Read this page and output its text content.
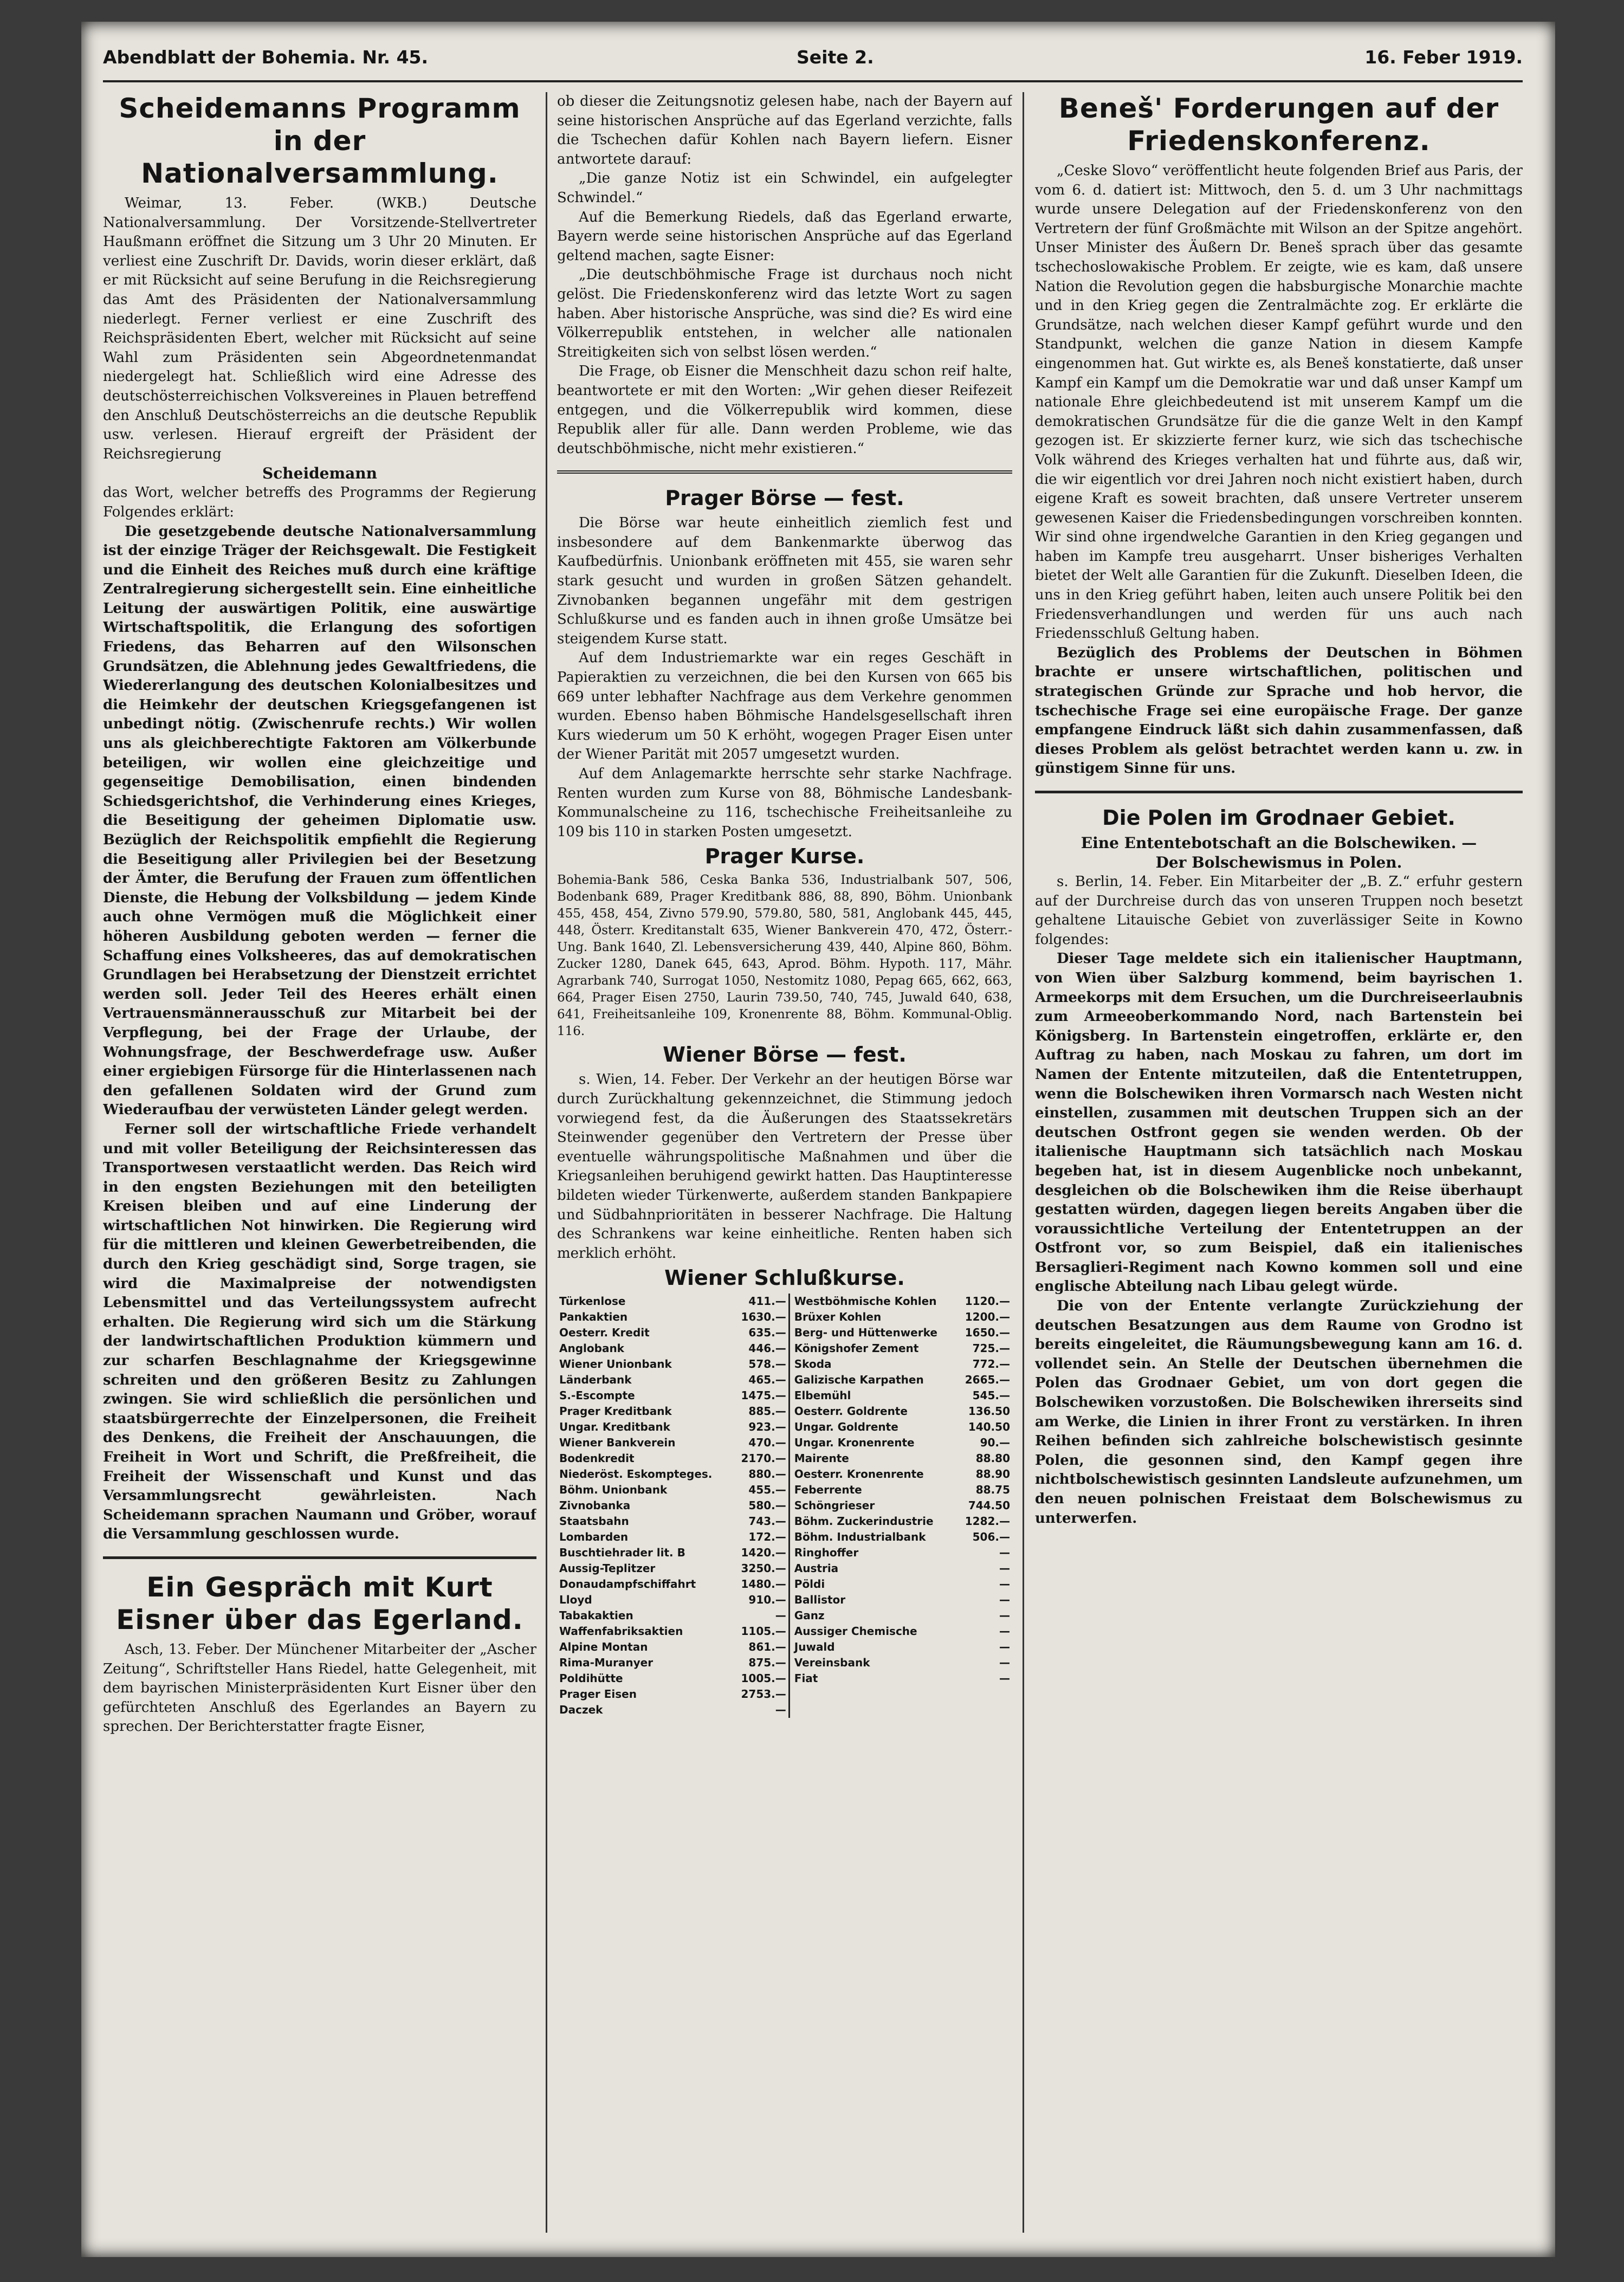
Abendblatt der Bohemia. Nr. 45.	Seite 2.	16. Feber 1919.
Scheidemanns Programm in der Nationalversammlung.

Weimar, 13. Feber. (WKB.) Deutsche Nationalversammlung. Der Vorsitzende-Stellvertreter Haußmann eröffnet die Sitzung um 3 Uhr 20 Minuten. Er verliest eine Zuschrift Dr. Davids, worin dieser erklärt, daß er mit Rücksicht auf seine Berufung in die Reichsregierung das Amt des Präsidenten der Nationalversammlung niederlegt. Ferner verliest er eine Zuschrift des Reichspräsidenten Ebert, welcher mit Rücksicht auf seine Wahl zum Präsidenten sein Abgeordnetenmandat niedergelegt hat. Schließlich wird eine Adresse des deutschösterreichischen Volksvereines in Plauen betreffend den Anschluß Deutschösterreichs an die deutsche Republik usw. verlesen. Hierauf ergreift der Präsident der Reichsregierung

Scheidemann

das Wort, welcher betreffs des Programms der Regierung Folgendes erklärt:

Die gesetzgebende deutsche Nationalversammlung ist der einzige Träger der Reichsgewalt. Die Festigkeit und die Einheit des Reiches muß durch eine kräftige Zentralregierung sichergestellt sein. Eine einheitliche Leitung der auswärtigen Politik, eine auswärtige Wirtschaftspolitik, die Erlangung des sofortigen Friedens, das Beharren auf den Wilsonschen Grundsätzen, die Ablehnung jedes Gewaltfriedens, die Wiedererlangung des deutschen Kolonialbesitzes und die Heimkehr der deutschen Kriegsgefangenen ist unbedingt nötig. (Zwischenrufe rechts.) Wir wollen uns als gleichberechtigte Faktoren am Völkerbunde beteiligen, wir wollen eine gleichzeitige und gegenseitige Demobilisation, einen bindenden Schiedsgerichtshof, die Verhinderung eines Krieges, die Beseitigung der geheimen Diplomatie usw. Bezüglich der Reichspolitik empfiehlt die Regierung die Beseitigung aller Privilegien bei der Besetzung der Ämter, die Berufung der Frauen zum öffentlichen Dienste, die Hebung der Volksbildung — jedem Kinde auch ohne Vermögen muß die Möglichkeit einer höheren Ausbildung geboten werden — ferner die Schaffung eines Volksheeres, das auf demokratischen Grundlagen bei Herabsetzung der Dienstzeit errichtet werden soll. Jeder Teil des Heeres erhält einen Vertrauensmännerausschuß zur Mitarbeit bei der Verpflegung, bei der Frage der Urlaube, der Wohnungsfrage, der Beschwerdefrage usw. Außer einer ergiebigen Fürsorge für die Hinterlassenen nach den gefallenen Soldaten wird der Grund zum Wiederaufbau der verwüsteten Länder gelegt werden.

Ferner soll der wirtschaftliche Friede verhandelt und mit voller Beteiligung der Reichsinteressen das Transportwesen verstaatlicht werden. Das Reich wird in den engsten Beziehungen mit den beteiligten Kreisen bleiben und auf eine Linderung der wirtschaftlichen Not hinwirken. Die Regierung wird für die mittleren und kleinen Gewerbetreibenden, die durch den Krieg geschädigt sind, Sorge tragen, sie wird die Maximalpreise der notwendigsten Lebensmittel und das Verteilungssystem aufrecht erhalten. Die Regierung wird sich um die Stärkung der landwirtschaftlichen Produktion kümmern und zur scharfen Beschlagnahme der Kriegsgewinne schreiten und den größeren Besitz zu Zahlungen zwingen. Sie wird schließlich die persönlichen und staatsbürgerrechte der Einzelpersonen, die Freiheit des Denkens, die Freiheit der Anschauungen, die Freiheit in Wort und Schrift, die Preßfreiheit, die Freiheit der Wissenschaft und Kunst und das Versammlungsrecht gewährleisten. Nach Scheidemann sprachen Naumann und Gröber, worauf die Versammlung geschlossen wurde.

Ein Gespräch mit Kurt Eisner über das Egerland.

Asch, 13. Feber. Der Münchener Mitarbeiter der „Ascher Zeitung“, Schriftsteller Hans Riedel, hatte Gelegenheit, mit dem bayrischen Ministerpräsidenten Kurt Eisner über den gefürchteten Anschluß des Egerlandes an Bayern zu sprechen. Der Berichterstatter fragte Eisner,

ob dieser die Zeitungsnotiz gelesen habe, nach der Bayern auf seine historischen Ansprüche auf das Egerland verzichte, falls die Tschechen dafür Kohlen nach Bayern liefern. Eisner antwortete darauf:

„Die ganze Notiz ist ein Schwindel, ein aufgelegter Schwindel.“

Auf die Bemerkung Riedels, daß das Egerland erwarte, Bayern werde seine historischen Ansprüche auf das Egerland geltend machen, sagte Eisner:

„Die deutschböhmische Frage ist durchaus noch nicht gelöst. Die Friedenskonferenz wird das letzte Wort zu sagen haben. Aber historische Ansprüche, was sind die? Es wird eine Völkerrepublik entstehen, in welcher alle nationalen Streitigkeiten sich von selbst lösen werden.“

Die Frage, ob Eisner die Menschheit dazu schon reif halte, beantwortete er mit den Worten: „Wir gehen dieser Reifezeit entgegen, und die Völkerrepublik wird kommen, diese Republik aller für alle. Dann werden Probleme, wie das deutschböhmische, nicht mehr existieren.“

Prager Börse — fest.

Die Börse war heute einheitlich ziemlich fest und insbesondere auf dem Bankenmarkte überwog das Kaufbedürfnis. Unionbank eröffneten mit 455, sie waren sehr stark gesucht und wurden in großen Sätzen gehandelt. Zivnobanken begannen ungefähr mit dem gestrigen Schlußkurse und es fanden auch in ihnen große Umsätze bei steigendem Kurse statt.

Auf dem Industriemarkte war ein reges Geschäft in Papieraktien zu verzeichnen, die bei den Kursen von 665 bis 669 unter lebhafter Nachfrage aus dem Verkehre genommen wurden. Ebenso haben Böhmische Handelsgesellschaft ihren Kurs wiederum um 50 K erhöht, wogegen Prager Eisen unter der Wiener Parität mit 2057 umgesetzt wurden.

Auf dem Anlagemarkte herrschte sehr starke Nachfrage. Renten wurden zum Kurse von 88, Böhmische Landesbank-Kommunalscheine zu 116, tschechische Freiheitsanleihe zu 109 bis 110 in starken Posten umgesetzt.

Prager Kurse.

Bohemia-Bank 586, Ceska Banka 536, Industrialbank 507, 506, Bodenbank 689, Prager Kreditbank 886, 88, 890, Böhm. Unionbank 455, 458, 454, Zivno 579.90, 579.80, 580, 581, Anglobank 445, 445, 448, Österr. Kreditanstalt 635, Wiener Bankverein 470, 472, Österr.-Ung. Bank 1640, Zl. Lebensversicherung 439, 440, Alpine 860, Böhm. Zucker 1280, Danek 645, 643, Aprod. Böhm. Hypoth. 117, Mähr. Agrarbank 740, Surrogat 1050, Nestomitz 1080, Pepag 665, 662, 663, 664, Prager Eisen 2750, Laurin 739.50, 740, 745, Juwald 640, 638, 641, Freiheitsanleihe 109, Kronenrente 88, Böhm. Kommunal-Oblig. 116.

Wiener Börse — fest.

s. Wien, 14. Feber. Der Verkehr an der heutigen Börse war durch Zurückhaltung gekennzeichnet, die Stimmung jedoch vorwiegend fest, da die Äußerungen des Staatssekretärs Steinwender gegenüber den Vertretern der Presse über eventuelle währungspolitische Maßnahmen und über die Kriegsanleihen beruhigend gewirkt hatten. Das Hauptinteresse bildeten wieder Türkenwerte, außerdem standen Bankpapiere und Südbahnprioritäten in besserer Nachfrage. Die Haltung des Schrankens war keine einheitliche. Renten haben sich merklich erhöht.

Wiener Schlußkurse.
Türkenlose	411.—		Westböhmische Kohlen	1120.—
Pankaktien	1630.—		Brüxer Kohlen	1200.—
Oesterr. Kredit	635.—		Berg- und Hüttenwerke	1650.—
Anglobank	446.—		Königshofer Zement	725.—
Wiener Unionbank	578.—		Skoda	772.—
Länderbank	465.—		Galizische Karpathen	2665.—
S.-Escompte	1475.—		Elbemühl	545.—
Prager Kreditbank	885.—		Oesterr. Goldrente	136.50
Ungar. Kreditbank	923.—		Ungar. Goldrente	140.50
Wiener Bankverein	470.—		Ungar. Kronenrente	90.—
Bodenkredit	2170.—		Mairente	88.80
Niederöst. Eskompteges.	880.—		Oesterr. Kronenrente	88.90
Böhm. Unionbank	455.—		Feberrente	88.75
Zivnobanka	580.—		Schöngrieser	744.50
Staatsbahn	743.—		Böhm. Zuckerindustrie	1282.—
Lombarden	172.—		Böhm. Industrialbank	506.—
Buschtiehrader lit. B	1420.—		Ringhoffer	—
Aussig-Teplitzer	3250.—		Austria	—
Donaudampfschiffahrt	1480.—		Pöldi	—
Lloyd	910.—		Ballistor	—
Tabakaktien	—		Ganz	—
Waffenfabriksaktien	1105.—		Aussiger Chemische	—
Alpine Montan	861.—		Juwald	—
Rima-Muranyer	875.—		Vereinsbank	—
Poldihütte	1005.—		Fiat	—
Prager Eisen	2753.—			
Daczek	—			
Beneš' Forderungen auf der Friedenskonferenz.

„Ceske Slovo“ veröffentlicht heute folgenden Brief aus Paris, der vom 6. d. datiert ist: Mittwoch, den 5. d. um 3 Uhr nachmittags wurde unsere Delegation auf der Friedenskonferenz von den Vertretern der fünf Großmächte mit Wilson an der Spitze angehört. Unser Minister des Äußern Dr. Beneš sprach über das gesamte tschechoslowakische Problem. Er zeigte, wie es kam, daß unsere Nation die Revolution gegen die habsburgische Monarchie machte und in den Krieg gegen die Zentralmächte zog. Er erklärte die Grundsätze, nach welchen dieser Kampf geführt wurde und den Standpunkt, welchen die ganze Nation in diesem Kampfe eingenommen hat. Gut wirkte es, als Beneš konstatierte, daß unser Kampf ein Kampf um die Demokratie war und daß unser Kampf um nationale Ehre gleichbedeutend ist mit unserem Kampf um die demokratischen Grundsätze für die die ganze Welt in den Kampf gezogen ist. Er skizzierte ferner kurz, wie sich das tschechische Volk während des Krieges verhalten hat und führte aus, daß wir, die wir eigentlich vor drei Jahren noch nicht existiert haben, durch eigene Kraft es soweit brachten, daß unsere Vertreter unserem gewesenen Kaiser die Friedensbedingungen vorschreiben konnten. Wir sind ohne irgendwelche Garantien in den Krieg gegangen und haben im Kampfe treu ausgeharrt. Unser bisheriges Verhalten bietet der Welt alle Garantien für die Zukunft. Dieselben Ideen, die uns in den Krieg geführt haben, leiten auch unsere Politik bei den Friedensverhandlungen und werden für uns auch nach Friedensschluß Geltung haben.

Bezüglich des Problems der Deutschen in Böhmen brachte er unsere wirtschaftlichen, politischen und strategischen Gründe zur Sprache und hob hervor, die tschechische Frage sei eine europäische Frage. Der ganze empfangene Eindruck läßt sich dahin zusammenfassen, daß dieses Problem als gelöst betrachtet werden kann u. zw. in günstigem Sinne für uns.

Die Polen im Grodnaer Gebiet.
Eine Ententebotschaft an die Bolschewiken. —
Der Bolschewismus in Polen.

s. Berlin, 14. Feber. Ein Mitarbeiter der „B. Z.“ erfuhr gestern auf der Durchreise durch das von unseren Truppen noch besetzt gehaltene Litauische Gebiet von zuverlässiger Seite in Kowno folgendes:

Dieser Tage meldete sich ein italienischer Hauptmann, von Wien über Salzburg kommend, beim bayrischen 1. Armeekorps mit dem Ersuchen, um die Durchreiseerlaubnis zum Armeeoberkommando Nord, nach Bartenstein bei Königsberg. In Bartenstein eingetroffen, erklärte er, den Auftrag zu haben, nach Moskau zu fahren, um dort im Namen der Entente mitzuteilen, daß die Ententetruppen, wenn die Bolschewiken ihren Vormarsch nach Westen nicht einstellen, zusammen mit deutschen Truppen sich an der deutschen Ostfront gegen sie wenden werden. Ob der italienische Hauptmann sich tatsächlich nach Moskau begeben hat, ist in diesem Augenblicke noch unbekannt, desgleichen ob die Bolschewiken ihm die Reise überhaupt gestatten würden, dagegen liegen bereits Angaben über die voraussichtliche Verteilung der Ententetruppen an der Ostfront vor, so zum Beispiel, daß ein italienisches Bersaglieri-Regiment nach Kowno kommen soll und eine englische Abteilung nach Libau gelegt würde.

Die von der Entente verlangte Zurückziehung der deutschen Besatzungen aus dem Raume von Grodno ist bereits eingeleitet, die Räumungsbewegung kann am 16. d. vollendet sein. An Stelle der Deutschen übernehmen die Polen das Grodnaer Gebiet, um von dort gegen die Bolschewiken vorzustoßen. Die Bolschewiken ihrerseits sind am Werke, die Linien in ihrer Front zu verstärken. In ihren Reihen befinden sich zahlreiche bolschewistisch gesinnte Polen, die gesonnen sind, den Kampf gegen ihre nichtbolschewistisch gesinnten Landsleute aufzunehmen, um den neuen polnischen Freistaat dem Bolschewismus zu unterwerfen.
